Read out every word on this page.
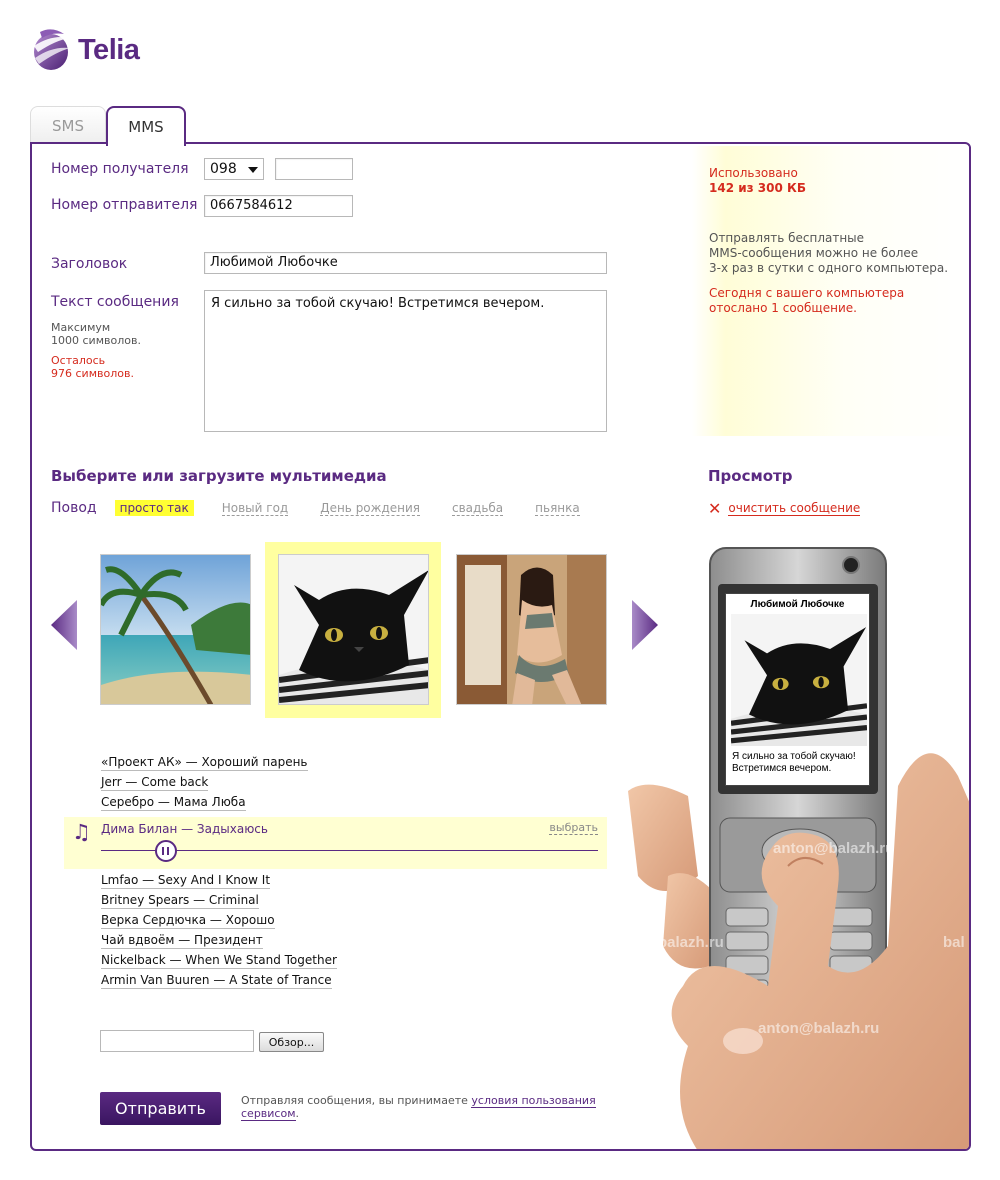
Telia
SMS	MMS
Номер получателя	098
Номер отправителя 0667584612
Заголовок	Любимой Любочке
Текст сообщения
Максимум
1000 символов.
Осталось
976 символов.
Я сильно за тобой скучаю! Встретимся вечером.
Использовано
142 из 300 КБ
Отправлять бесплатные
MMS-сообщения можно не более
3-х раз в сутки с одного компьютера.
Сегодня с вашего компьютера
отослано 1 сообщение.
Выберите или загрузите мультимедиа	Просмотр
Повод	просто так	Новый год	День рождения	свадьба	пьянка	✕ очистить сообщение
«Проект АК» — Хороший парень
Jerr — Come back
Серебро — Мама Люба
♫ Дима Билан — Задыхаюсь	выбрать
Lmfao — Sexy And I Know It
Britney Spears — Criminal
Верка Сердючка — Хорошо
Чай вдвоём — Президент
Nickelback — When We Stand Together
Armin Van Buuren — A State of Trance
Обзор...
Отправить	Отправляя сообщения, вы принимаете условия пользования
сервисом.
Любимой Любочке
Я сильно за тобой скучаю! Встретимся вечером.
anton@balazh.ru
balazh.ru	bal
anton@balazh.ru
